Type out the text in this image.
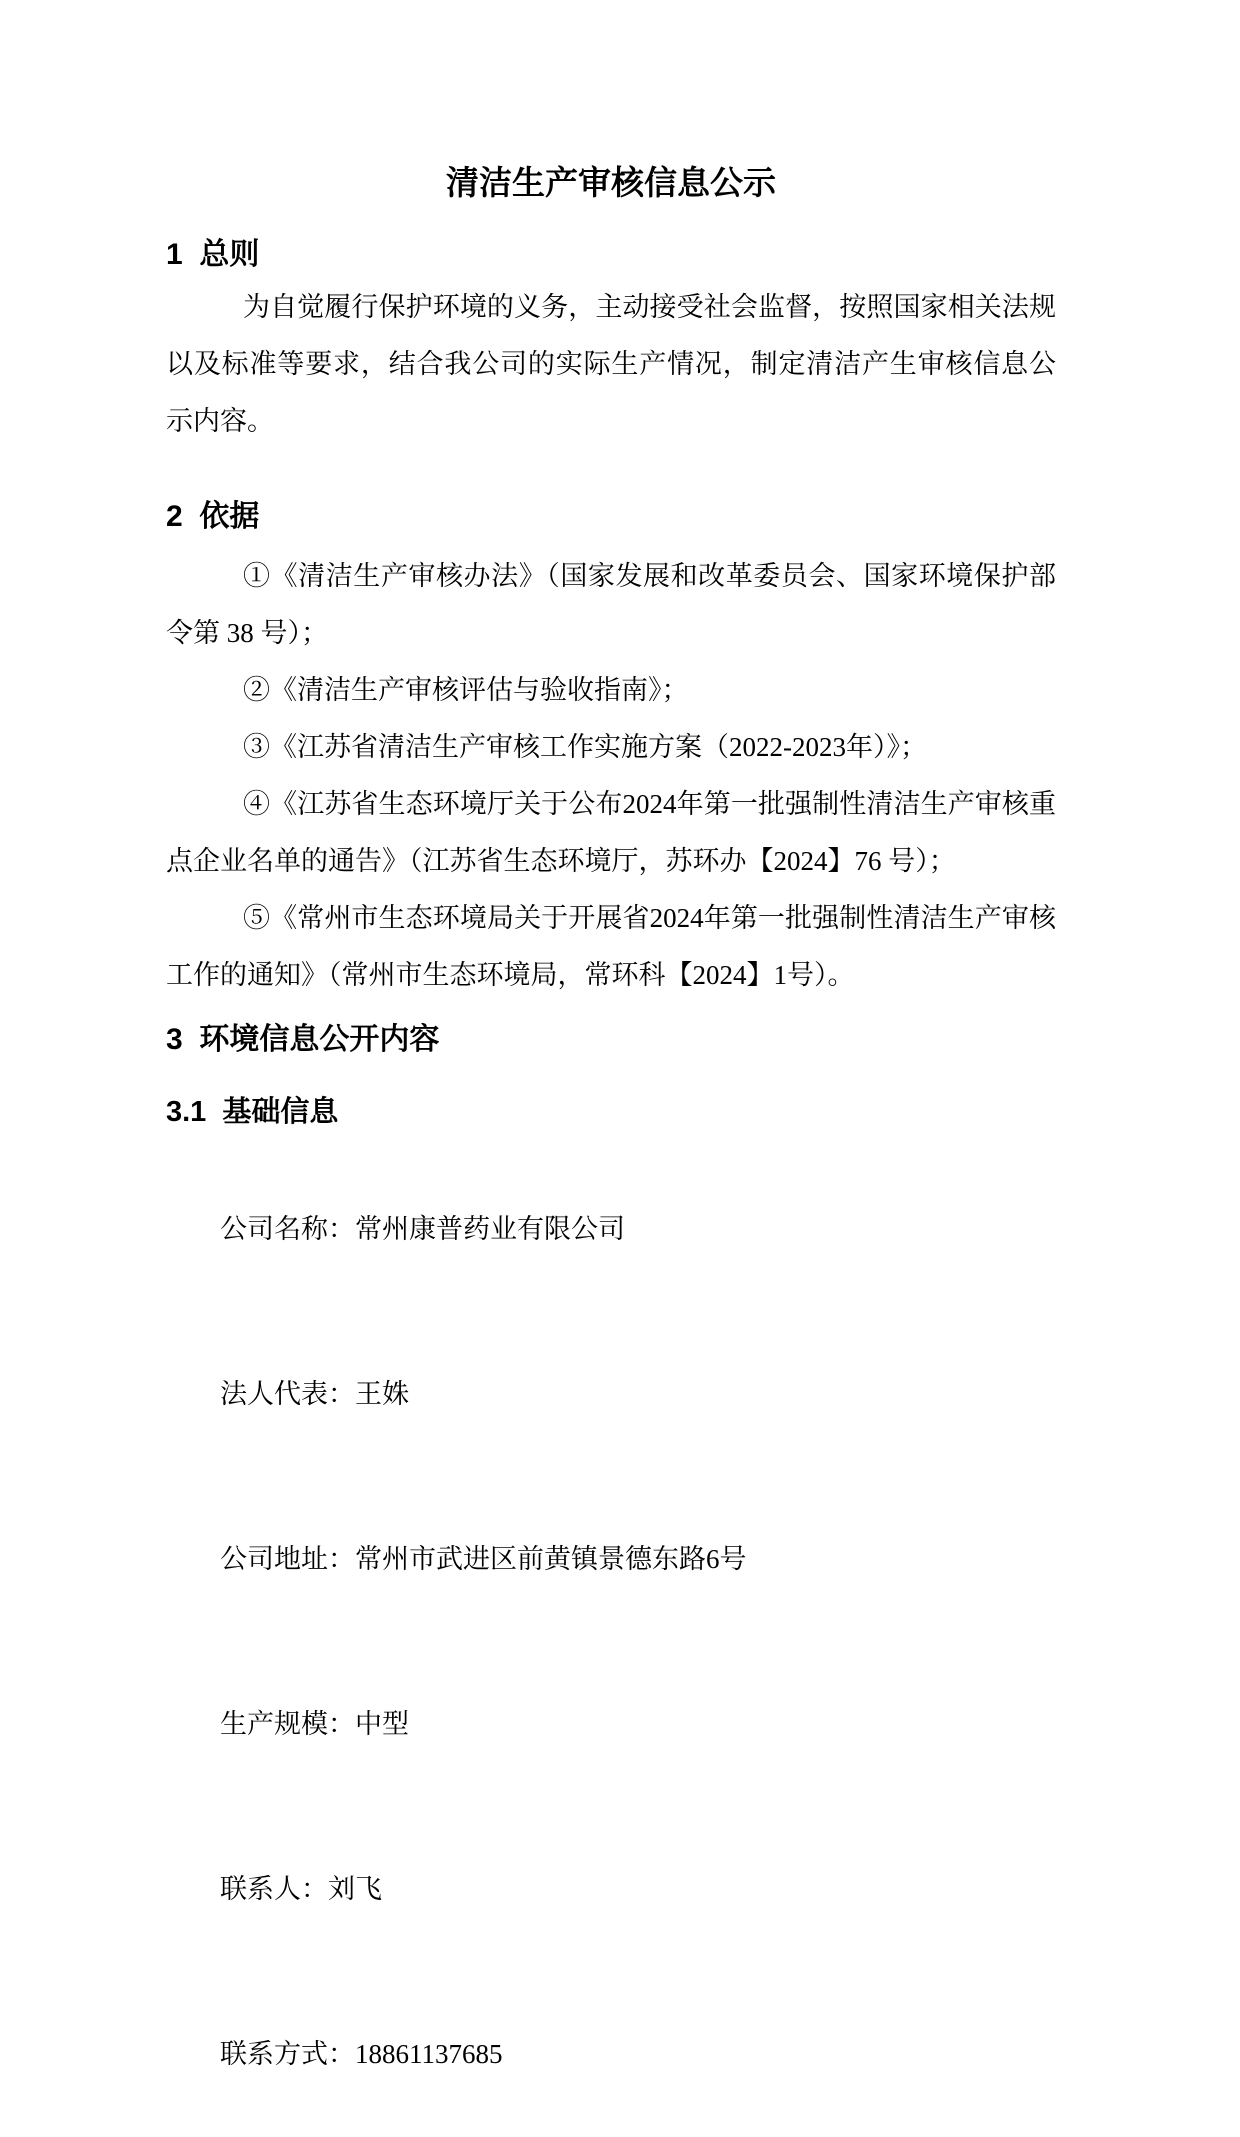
清洁生产审核信息公示
1  总则

为自觉履行保护环境的义务，主动接受社会监督，按照国家相关法规以及标准等要求，结合我公司的实际生产情况，制定清洁产生审核信息公示内容。

2  依据

①《清洁生产审核办法》（国家发展和改革委员会、国家环境保护部令第 38 号）；

②《清洁生产审核评估与验收指南》；

③《江苏省清洁生产审核工作实施方案（2022-2023年）》；

④《江苏省生态环境厅关于公布2024年第一批强制性清洁生产审核重点企业名单的通告》（江苏省生态环境厅，苏环办【2024】76 号）；

⑤《常州市生态环境局关于开展省2024年第一批强制性清洁生产审核工作的通知》（常州市生态环境局，常环科【2024】1号）。

3  环境信息公开内容
3.1  基础信息

公司名称：常州康普药业有限公司

法人代表：王姝

公司地址：常州市武进区前黄镇景德东路6号

生产规模：中型

联系人：刘飞

联系方式：18861137685
